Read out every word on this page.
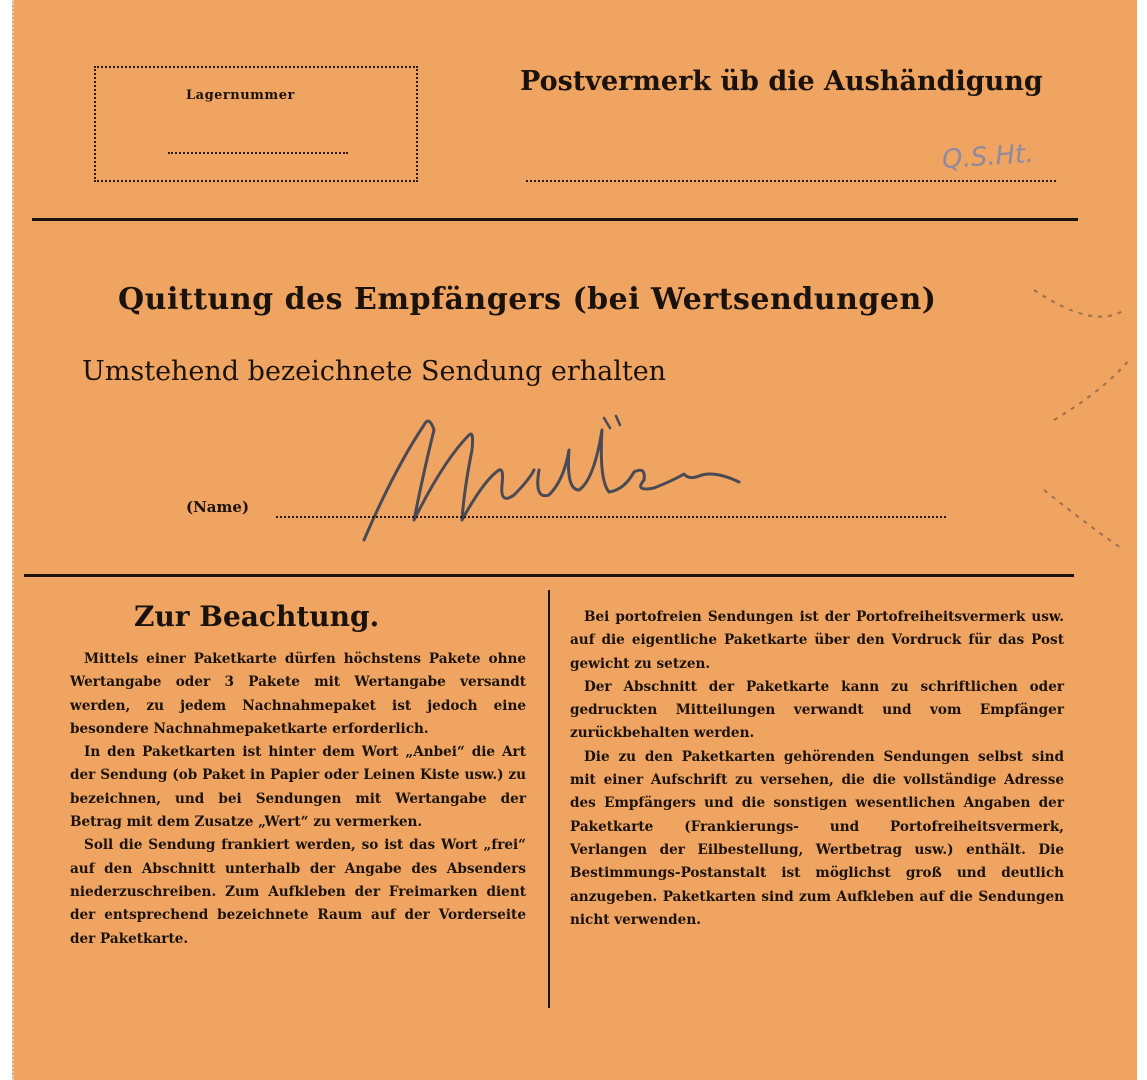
Lagernummer	Postvermerk üb die Aushändigung
Q.S.Ht.
Quittung des Empfängers (bei Wertsendungen)
Umstehend bezeichnete Sendung erhalten
(Name)
Zur Beachtung.

Mittels einer Paketkarte dürfen höchstens Pakete ohne Wertangabe oder 3 Pakete mit Wertangabe versandt werden, zu jedem Nachnahmepaket ist jedoch eine besondere Nachnahmepaketkarte erforderlich.

In den Paketkarten ist hinter dem Wort „Anbei“ die Art der Sendung (ob Paket in Papier oder Leinen Kiste usw.) zu bezeichnen, und bei Sendungen mit Wertangabe der Betrag mit dem Zusatze „Wert“ zu vermerken.

Soll die Sendung frankiert werden, so ist das Wort „frei“ auf den Abschnitt unterhalb der Angabe des Absenders niederzuschreiben. Zum Aufkleben der Freimarken dient der entsprechend bezeichnete Raum auf der Vorderseite der Paketkarte.

Bei portofreien Sendungen ist der Portofreiheitsvermerk usw. auf die eigentliche Paketkarte über den Vordruck für das Post gewicht zu setzen.

Der Abschnitt der Paketkarte kann zu schriftlichen oder gedruckten Mitteilungen verwandt und vom Empfänger zurückbehalten werden.

Die zu den Paketkarten gehörenden Sendungen selbst sind mit einer Aufschrift zu versehen, die die vollständige Adresse des Empfängers und die sonstigen wesentlichen Angaben der Paketkarte (Frankierungs- und Portofreiheitsvermerk, Verlangen der Eilbestellung, Wertbetrag usw.) enthält. Die Bestimmungs-Postanstalt ist möglichst groß und deutlich anzugeben. Paketkarten sind zum Aufkleben auf die Sendungen nicht verwenden.
